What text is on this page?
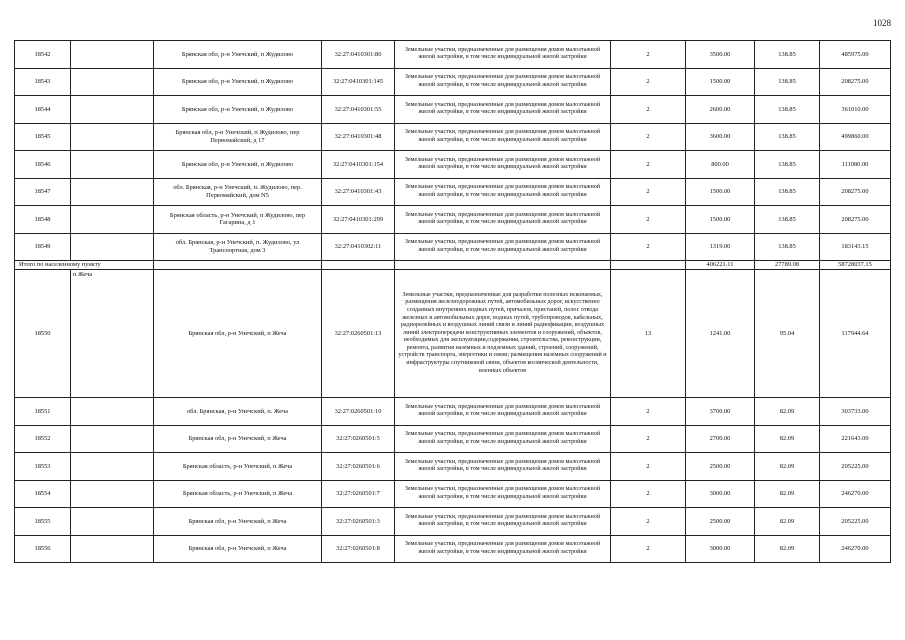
1028
18542		Брянская обл, р-н Унечский, п Жудилово	32:27:0410301:80	Земельные участки, предназначенные для размещения домов малоэтажной жилой застройки, в том числе индивидуальной жилой застройки	2	3500.00	138.85	485975.00
18543		Брянская обл, р-н Унечский, п Жудилово	32:27:0410301:145	Земельные участки, предназначенные для размещения домов малоэтажной жилой застройки, в том числе индивидуальной жилой застройки	2	1500.00	138.85	208275.00
18544		Брянская обл, р-н Унечский, п Жудилово	32:27:0410301:55	Земельные участки, предназначенные для размещения домов малоэтажной жилой застройки, в том числе индивидуальной жилой застройки	2	2600.00	138.85	361010.00
18545		Брянская обл, р-н Унечский, п Жудилово, пер Первомайский, д 17	32:27:0410301:48	Земельные участки, предназначенные для размещения домов малоэтажной жилой застройки, в том числе индивидуальной жилой застройки	2	3600.00	138.85	499860.00
18546		Брянская обл, р-н Унечский, п Жудилово	32:27:0410301:154	Земельные участки, предназначенные для размещения домов малоэтажной жилой застройки, в том числе индивидуальной жилой застройки	2	800.00	138.85	111080.00
18547		обл. Брянская, р-н Унечский, п. Жудилово, пер. Первомайский, дом N5	32:27:0410301:43	Земельные участки, предназначенные для размещения домов малоэтажной жилой застройки, в том числе индивидуальной жилой застройки	2	1500.00	138.85	208275.00
18548		Брянская область, р-н Унечский, п Жудилово, пер Гагарина, д 1	32:27:0410301:299	Земельные участки, предназначенные для размещения домов малоэтажной жилой застройки, в том числе индивидуальной жилой застройки	2	1500.00	138.85	208275.00
18549		обл. Брянская, р-н Унечский, п. Жудилово, ул Транспортная, дом 3	32:27:0410302:11	Земельные участки, предназначенные для размещения домов малоэтажной жилой застройки, в том числе индивидуальной жилой застройки	2	1319.00	138.85	183143.15
Итого по населенному пункту						406221.11	27789.08	58728037.15
18550	п Жеча	Брянская обл, р-н Унечский, п Жеча	32:27:0260501:13	Земельные участки, предназначенные для разработки полезных ископаемых, размещения железнодорожных путей, автомобильных дорог, искусственно созданных внутренних водных путей, причалов, пристаней, полос отвода железных и автомобильных дорог, водных путей, трубопроводов, кабельных, радиорелейных и воздушных линий связи и линий радиофикации, воздушных линий электропередачи конструктивных элементов и сооружений, объектов, необходимых для эксплуатации,содержания, строительства, реконструкции, ремонта, развития наземных и подземных зданий, строений, сооружений, устройств транспорта, энергетики и связи; размещения наземных сооружений и инфраструктуры спутниковой связи, объектов космической деятельности, военных объектов	13	1241.00	95.04	117944.64
18551		обл. Брянская, р-н Унечский, п. Жеча	32:27:0260501:10	Земельные участки, предназначенные для размещения домов малоэтажной жилой застройки, в том числе индивидуальной жилой застройки	2	3700.00	82.09	303733.00
18552		Брянская обл, р-н Унечский, п Жеча	32:27:0260501:5	Земельные участки, предназначенные для размещения домов малоэтажной жилой застройки, в том числе индивидуальной жилой застройки	2	2700.00	82.09	221643.00
18553		Брянская область, р-н Унечский, п Жеча	32:27:0260501:6	Земельные участки, предназначенные для размещения домов малоэтажной жилой застройки, в том числе индивидуальной жилой застройки	2	2500.00	82.09	205225.00
18554		Брянская область, р-н Унечский, п Жеча	32:27:0260501:7	Земельные участки, предназначенные для размещения домов малоэтажной жилой застройки, в том числе индивидуальной жилой застройки	2	3000.00	82.09	246270.00
18555		Брянская обл, р-н Унечский, п Жеча	32:27:0260501:3	Земельные участки, предназначенные для размещения домов малоэтажной жилой застройки, в том числе индивидуальной жилой застройки	2	2500.00	82.09	205225.00
18556		Брянская обл, р-н Унечский, п Жеча	32:27:0260501:8	Земельные участки, предназначенные для размещения домов малоэтажной жилой застройки, в том числе индивидуальной жилой застройки	2	3000.00	82.09	246270.00
